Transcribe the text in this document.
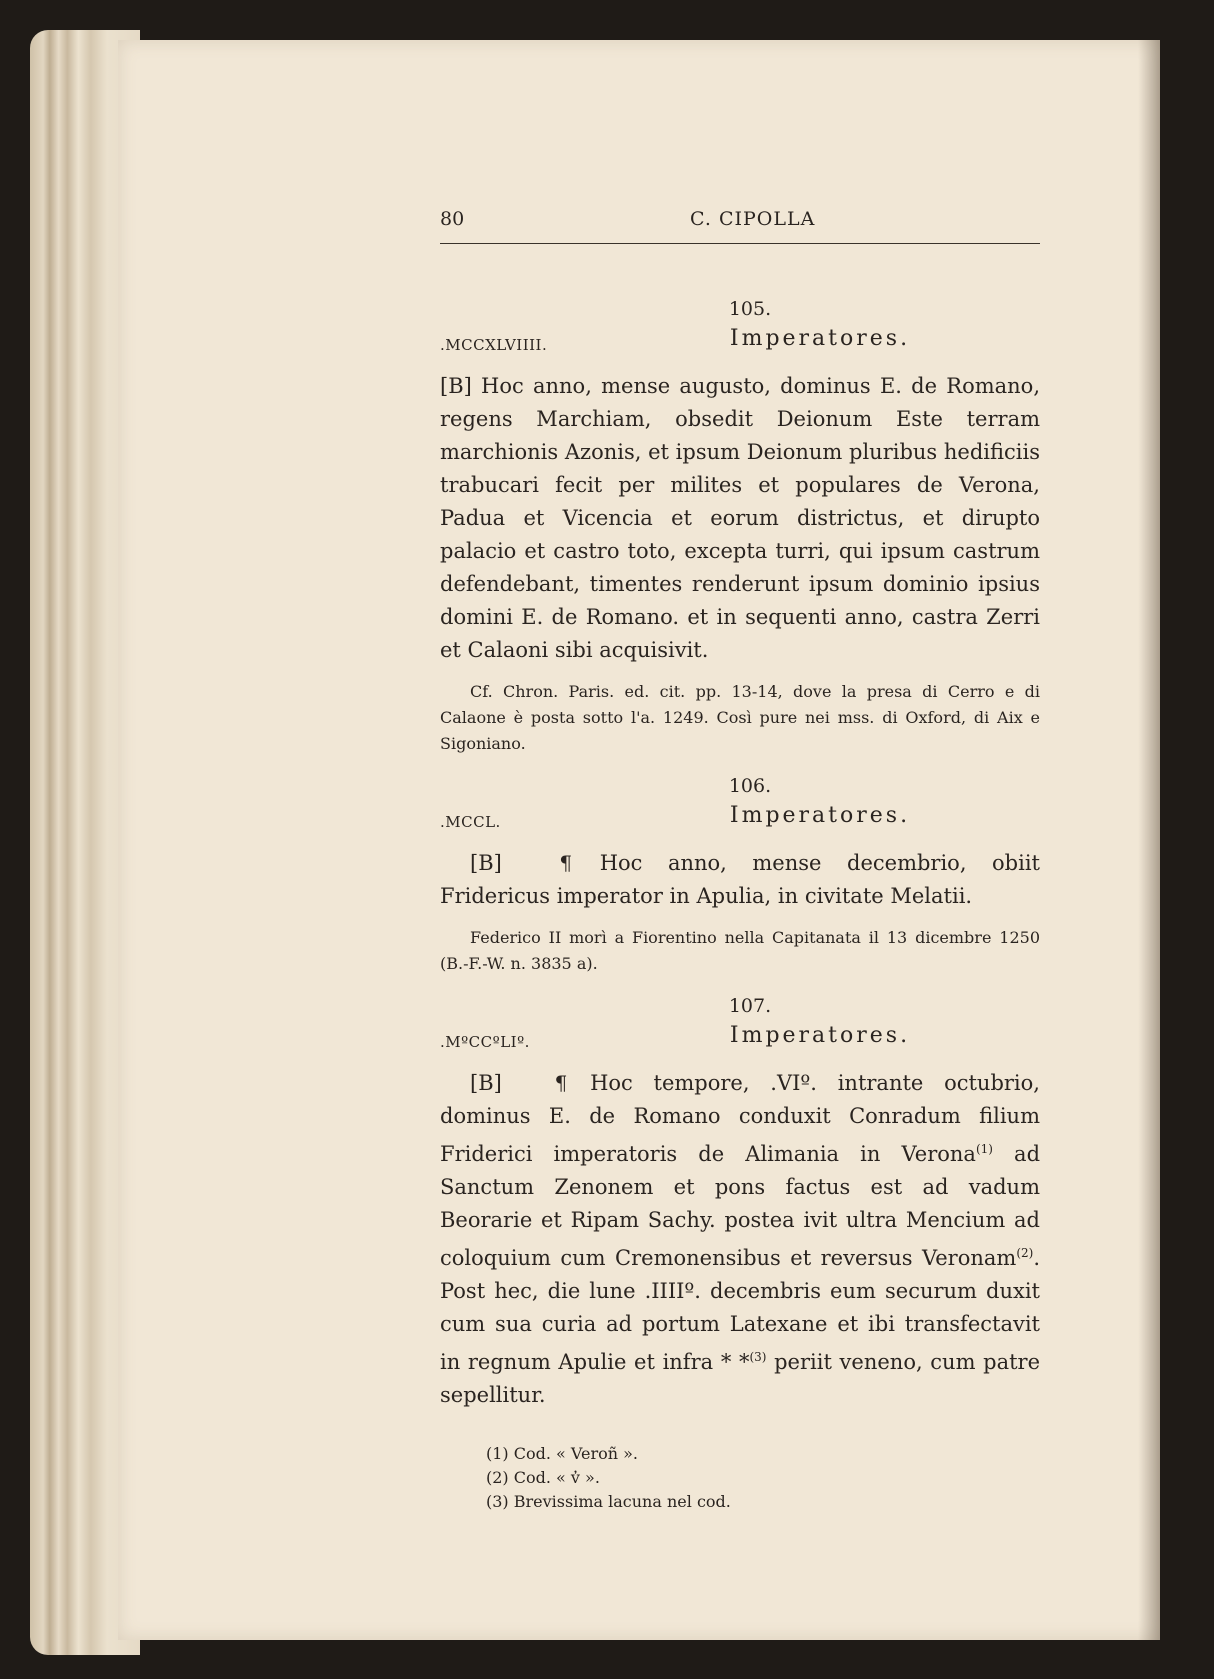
80	C. CIPOLLA
105.
.MCCXLVIIII.	Imperatores.

[B] Hoc anno, mense augusto, dominus E. de Romano, regens Marchiam, obsedit Deionum Este terram marchionis Azonis, et ipsum Deionum pluribus hedificiis trabucari fecit per milites et populares de Verona, Padua et Vicencia et eorum districtus, et dirupto palacio et castro toto, excepta turri, qui ipsum castrum defendebant, timentes renderunt ipsum dominio ipsius domini E. de Romano. et in sequenti anno, castra Zerri et Calaoni sibi acquisivit.

Cf. Chron. Paris. ed. cit. pp. 13-14, dove la presa di Cerro e di Calaone è posta sotto l'a. 1249. Così pure nei mss. di Oxford, di Aix e Sigoniano.

106.
.MCCL.	Imperatores.

[B]	¶ Hoc anno, mense decembrio, obiit Fridericus imperator in Apulia, in civitate Melatii.

Federico II morì a Fiorentino nella Capitanata il 13 dicembre 1250 (B.-F.-W. n. 3835 a).

107.
.MºCCºLIº.	Imperatores.

[B]	¶ Hoc tempore, .VIº. intrante octubrio, dominus E. de Romano conduxit Conradum filium Friderici imperatoris de Alimania in Verona$^{(1)}$ ad Sanctum Zenonem et pons factus est ad vadum Beorarie et Ripam Sachy. postea ivit ultra Mencium ad coloquium cum Cremonensibus et reversus Veronam$^{(2)}$. Post hec, die lune .IIIIº. decembris eum securum duxit cum sua curia ad portum Latexane et ibi transfectavit in regnum Apulie et infra * *$^{(3)}$ periit veneno, cum patre sepellitur.

(1) Cod. « Veroñ ».
(2) Cod. « v̓ ».
(3) Brevissima lacuna nel cod.
